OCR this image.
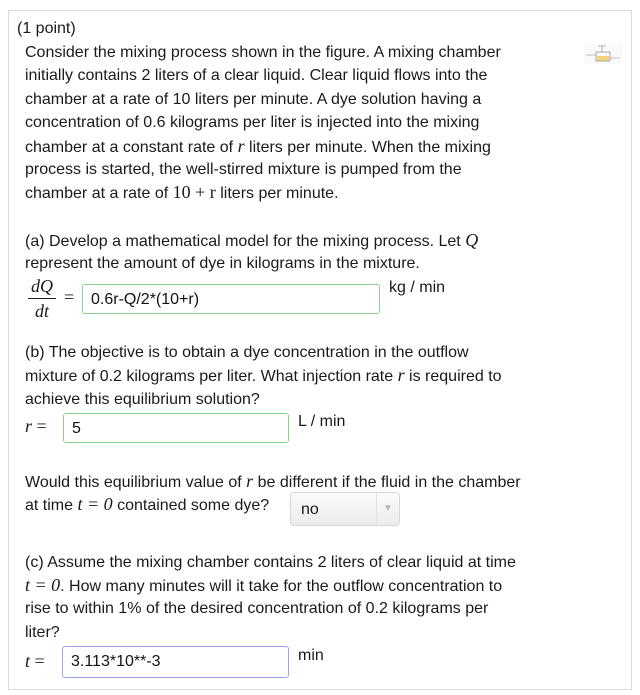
(1 point)
Consider the mixing process shown in the figure. A mixing chamber
initially contains 2 liters of a clear liquid. Clear liquid flows into the
chamber at a rate of 10 liters per minute. A dye solution having a
concentration of 0.6 kilograms per liter is injected into the mixing
chamber at a constant rate of r liters per minute. When the mixing
process is started, the well-stirred mixture is pumped from the
chamber at a rate of 10 + r liters per minute.
(a) Develop a mathematical model for the mixing process. Let Q
represent the amount of dye in kilograms in the mixture.
dQ
dt
=	0.6r-Q/2*(10+r)
kg / min
(b) The objective is to obtain a dye concentration in the outflow
mixture of 0.2 kilograms per liter. What injection rate r is required to
achieve this equilibrium solution?
r =	5	L / min
Would this equilibrium value of r be different if the fluid in the chamber
at time t = 0 contained some dye?	no	▼
(c) Assume the mixing chamber contains 2 liters of clear liquid at time
t = 0. How many minutes will it take for the outflow concentration to
rise to within 1% of the desired concentration of 0.2 kilograms per
liter?
t =	3.113*10**-3	min
